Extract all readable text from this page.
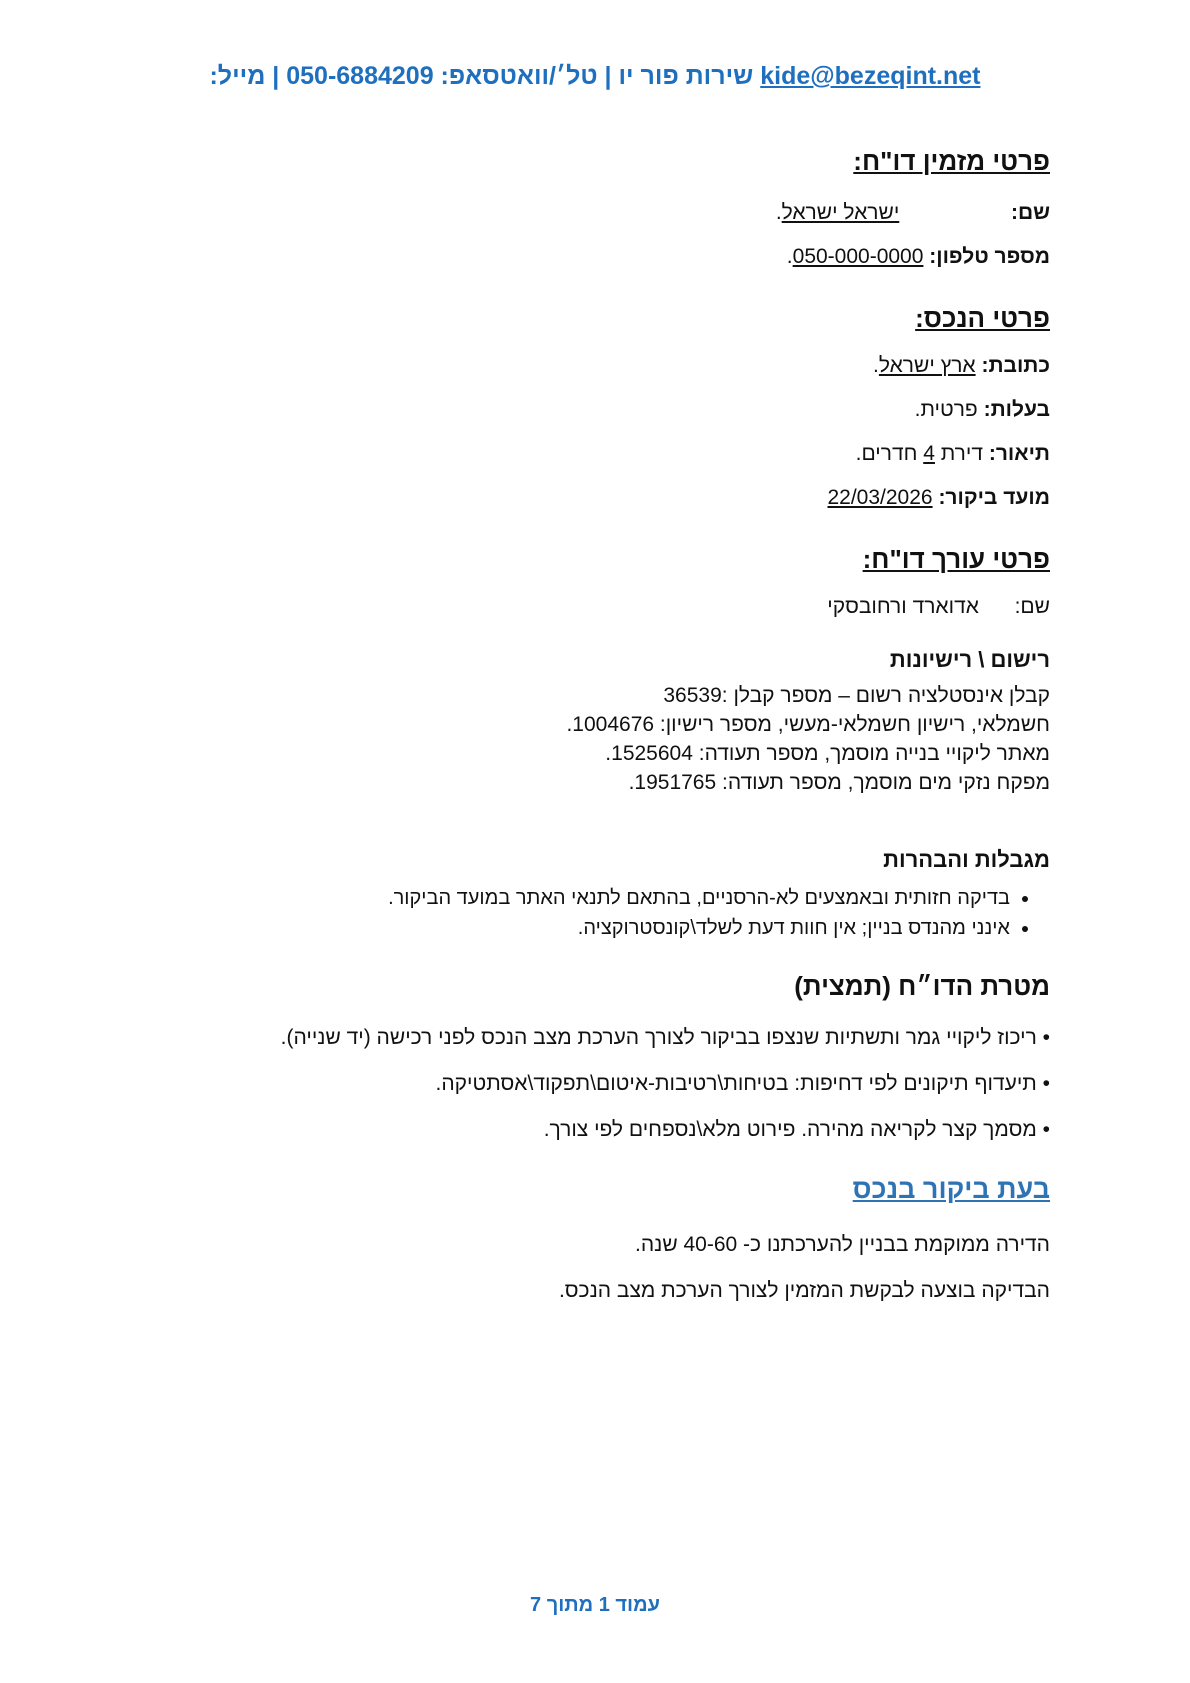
שירות פור יו | טל׳/וואטסאפ: 050-6884209 | מייל: kide@bezeqint.net
פרטי מזמין דו"ח:

שם:  ישראל ישראל.

מספר טלפון: 050-000-0000.

פרטי הנכס:

כתובת: ארץ ישראל.

בעלות: פרטית.

תיאור: דירת 4 חדרים.

מועד ביקור: 22/03/2026

פרטי עורך דו"ח:

שם:  אדוארד ורחובסקי

רישום \ רישיונות

קבלן אינסטלציה רשום – מספר קבלן :36539

חשמלאי, רישיון חשמלאי-מעשי, מספר רישיון: 1004676.

מאתר ליקויי בנייה מוסמך, מספר תעודה: 1525604.

מפקח נזקי מים מוסמך, מספר תעודה: 1951765.

מגבלות והבהרות
• בדיקה חזותית ובאמצעים לא-הרסניים, בהתאם לתנאי האתר במועד הביקור.
• אינני מהנדס בניין; אין חוות דעת לשלד\קונסטרוקציה.
מטרת הדו״ח (תמצית)

• ריכוז ליקויי גמר ותשתיות שנצפו בביקור לצורך הערכת מצב הנכס לפני רכישה (יד שנייה).

• תיעדוף תיקונים לפי דחיפות: בטיחות\רטיבות-איטום\תפקוד\אסתטיקה.

• מסמך קצר לקריאה מהירה. פירוט מלא\נספחים לפי צורך.

בעת ביקור בנכס

הדירה ממוקמת בבניין להערכתנו כ- 40-60 שנה.

הבדיקה בוצעה לבקשת המזמין לצורך הערכת מצב הנכס.

עמוד 1 מתוך 7
